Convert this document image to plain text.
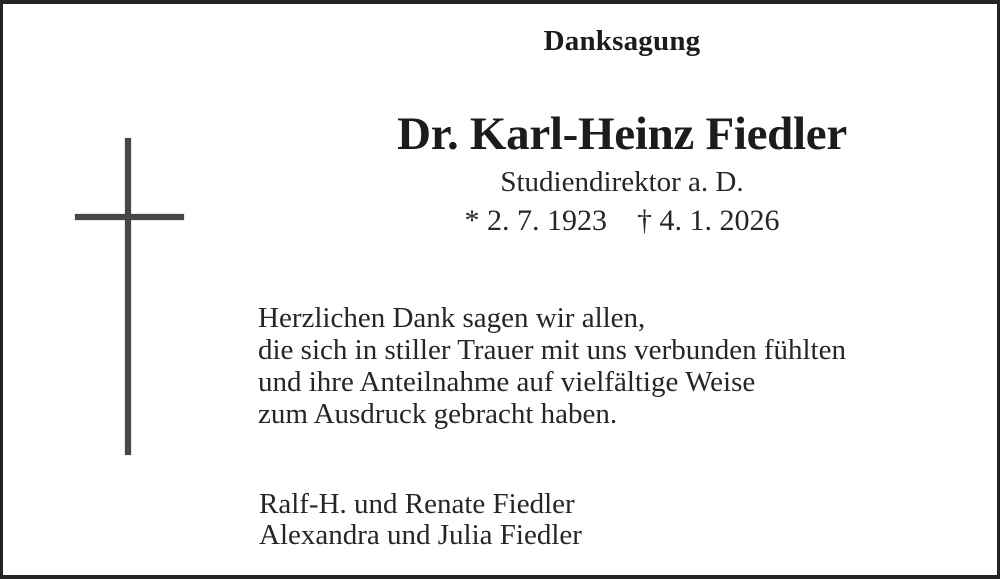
Danksagung
Dr. Karl-Heinz Fiedler
Studiendirektor a. D.
* 2. 7. 1923 † 4. 1. 2026
Herzlichen Dank sagen wir allen,
die sich in stiller Trauer mit uns verbunden fühlten
und ihre Anteilnahme auf vielfältige Weise
zum Ausdruck gebracht haben.
Ralf-H. und Renate Fiedler
Alexandra und Julia Fiedler
